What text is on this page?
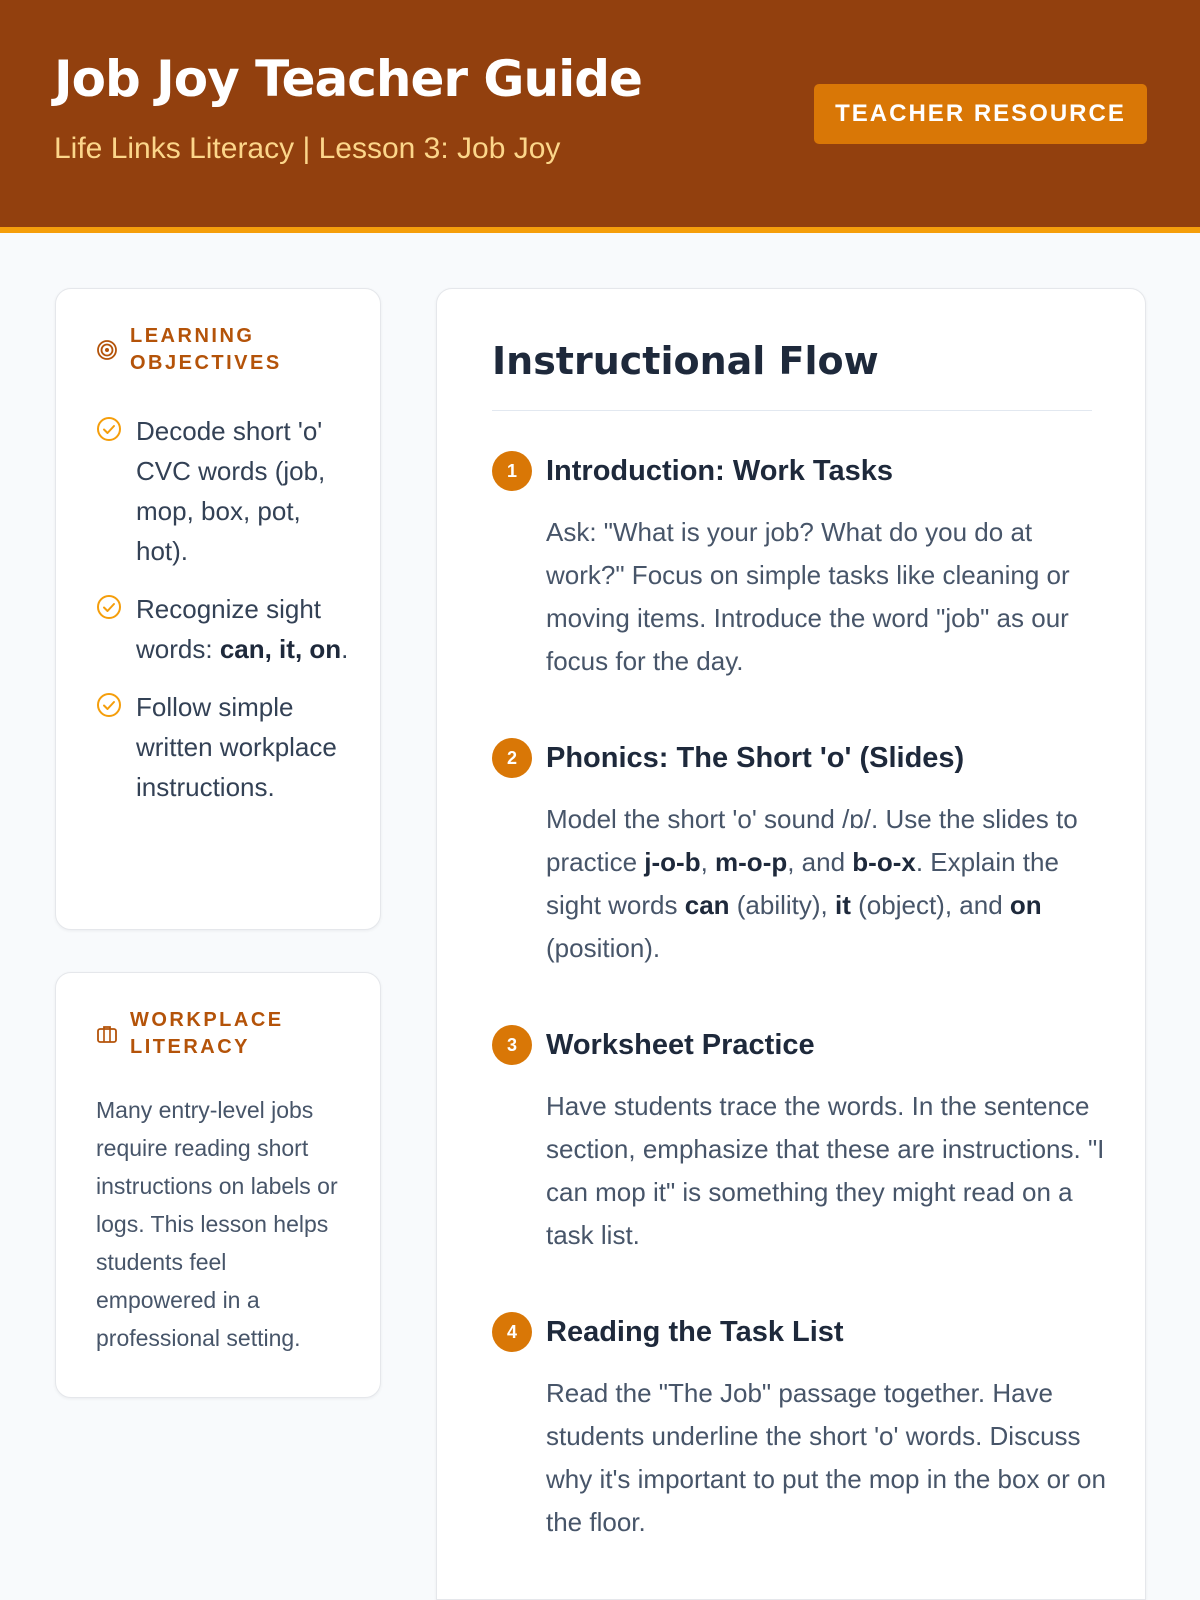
Job Joy Teacher Guide
Life Links Literacy | Lesson 3: Job Joy
TEACHER RESOURCE
LEARNING OBJECTIVES
Decode short 'o' CVC words (job, mop, box, pot, hot).
Recognize sight words: can, it, on.
Follow simple written workplace instructions.
WORKPLACE LITERACY

Many entry-level jobs require reading short instructions on labels or logs. This lesson helps students feel empowered in a professional setting.

Instructional Flow
1	Introduction: Work Tasks

Ask: "What is your job? What do you do at work?" Focus on simple tasks like cleaning or moving items. Introduce the word "job" as our focus for the day.

2	Phonics: The Short 'o' (Slides)

Model the short 'o' sound /ɒ/. Use the slides to practice j-o-b, m-o-p, and b-o-x. Explain the sight words can (ability), it (object), and on (position).

3	Worksheet Practice

Have students trace the words. In the sentence section, emphasize that these are instructions. "I can mop it" is something they might read on a task list.

4	Reading the Task List

Read the "The Job" passage together. Have students underline the short 'o' words. Discuss why it's important to put the mop in the box or on the floor.
